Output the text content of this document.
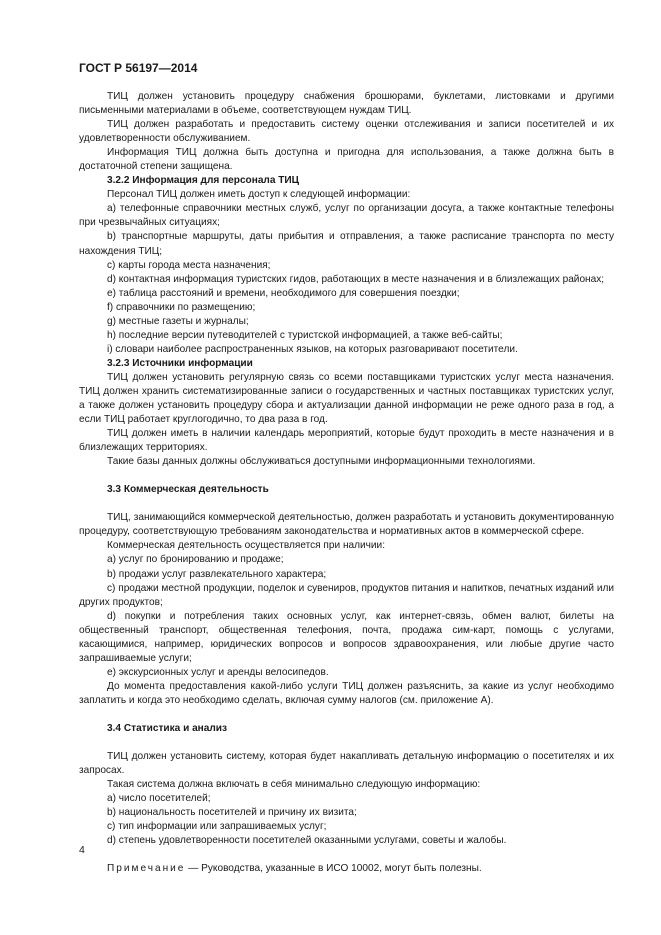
ГОСТ Р 56197—2014

ТИЦ должен установить процедуру снабжения брошюрами, буклетами, листовками и другими письменными материалами в объеме, соответствующем нуждам ТИЦ.

ТИЦ должен разработать и предоставить систему оценки отслеживания и записи посетителей и их удовлетворенности обслуживанием.

Информация ТИЦ должна быть доступна и пригодна для использования, а также должна быть в достаточной степени защищена.

3.2.2 Информация для персонала ТИЦ

Персонал ТИЦ должен иметь доступ к следующей информации:

a) телефонные справочники местных служб, услуг по организации досуга, а также контактные телефоны при чрезвычайных ситуациях;

b) транспортные маршруты, даты прибытия и отправления, а также расписание транспорта по месту нахождения ТИЦ;

c) карты города места назначения;

d) контактная информация туристских гидов, работающих в месте назначения и в близлежащих районах;

e) таблица расстояний и времени, необходимого для совершения поездки;

f) справочники по размещению;

g) местные газеты и журналы;

h) последние версии путеводителей с туристской информацией, а также веб-сайты;

i) словари наиболее распространенных языков, на которых разговаривают посетители.

3.2.3 Источники информации

ТИЦ должен установить регулярную связь со всеми поставщиками туристских услуг места назначения. ТИЦ должен хранить систематизированные записи о государственных и частных поставщиках туристских услуг, а также должен установить процедуру сбора и актуализации данной информации не реже одного раза в год, а если ТИЦ работает круглогодично, то два раза в год.

ТИЦ должен иметь в наличии календарь мероприятий, которые будут проходить в месте назначения и в близлежащих территориях.

Такие базы данных должны обслуживаться доступными информационными технологиями.

3.3 Коммерческая деятельность

ТИЦ, занимающийся коммерческой деятельностью, должен разработать и установить документированную процедуру, соответствующую требованиям законодательства и нормативных актов в коммерческой сфере.

Коммерческая деятельность осуществляется при наличии:

a) услуг по бронированию и продаже;

b) продажи услуг развлекательного характера;

c) продажи местной продукции, поделок и сувениров, продуктов питания и напитков, печатных изданий или других продуктов;

d) покупки и потребления таких основных услуг, как интернет-связь, обмен валют, билеты на общественный транспорт, общественная телефония, почта, продажа сим-карт, помощь с услугами, касающимися, например, юридических вопросов и вопросов здравоохранения, или любые другие часто запрашиваемые услуги;

e) экскурсионных услуг и аренды велосипедов.

До момента предоставления какой-либо услуги ТИЦ должен разъяснить, за какие из услуг необходимо заплатить и когда это необходимо сделать, включая сумму налогов (см. приложение А).

3.4 Статистика и анализ

ТИЦ должен установить систему, которая будет накапливать детальную информацию о посетителях и их запросах.

Такая система должна включать в себя минимально следующую информацию:

a) число посетителей;

b) национальность посетителей и причину их визита;

c) тип информации или запрашиваемых услуг;

d) степень удовлетворенности посетителей оказанными услугами, советы и жалобы.

Примечание — Руководства, указанные в ИСО 10002, могут быть полезны.

4
